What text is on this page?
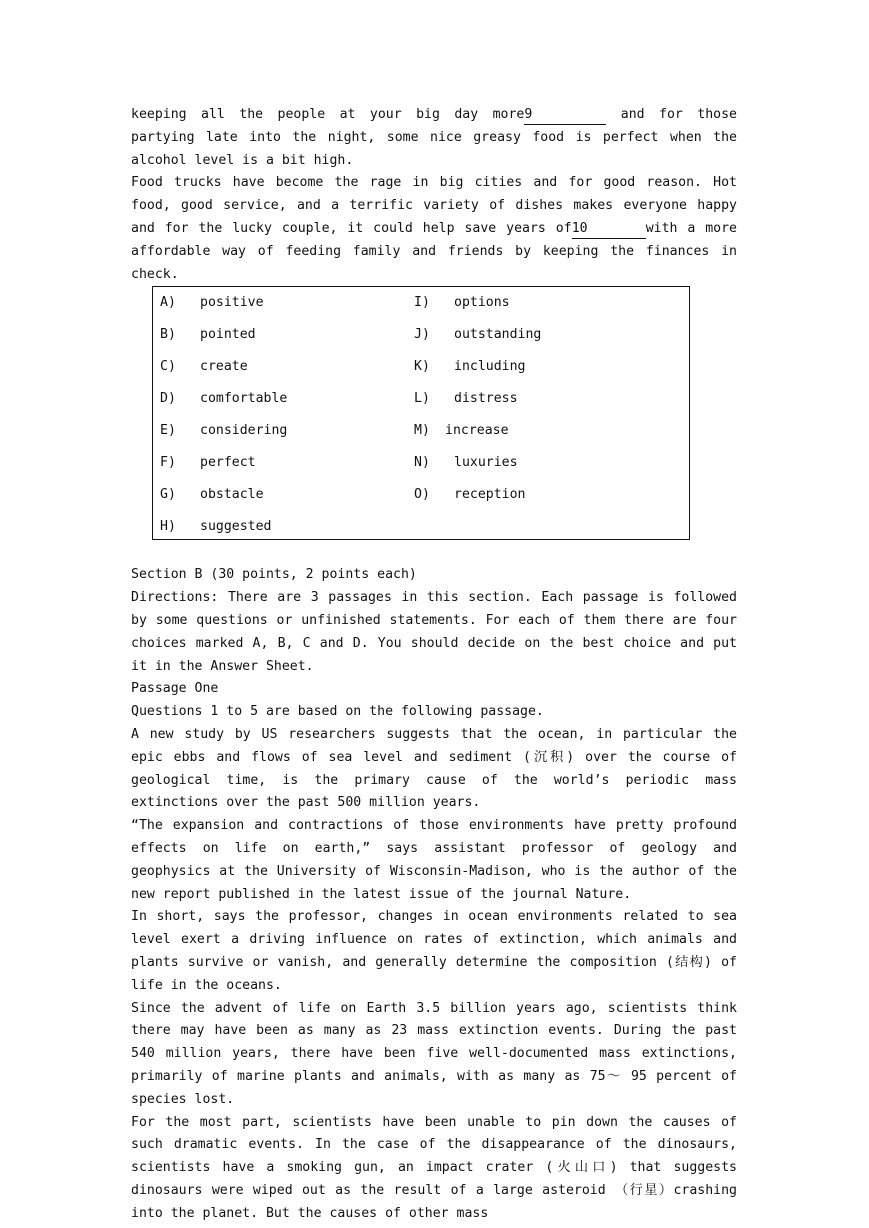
keeping all the people at your big day more9	and for those partying late into the night, some nice greasy food is perfect when the alcohol level is a bit high.

Food trucks have become the rage in big cities and for good reason. Hot food, good service, and a terrific variety of dishes makes everyone happy and for the lucky couple, it could help save years of10	with a more affordable way of feeding family and friends by keeping the finances in check.

A) positive
B) pointed
C) create
D) comfortable
E) considering
F) perfect
G) obstacle
H) suggested
I) options
J) outstanding
K) including
L) distress
M) increase
N) luxuries
O) reception

Section B (30 points, 2 points each)

Directions: There are 3 passages in this section. Each passage is followed by some questions or unfinished statements. For each of them there are four choices marked A, B, C and D. You should decide on the best choice and put it in the Answer Sheet.

Passage One

Questions 1 to 5 are based on the following passage.

A new study by US researchers suggests that the ocean, in particular the epic ebbs and flows of sea level and sediment (沉积) over the course of geological time, is the primary cause of the world’s periodic mass extinctions over the past 500 million years.

“The expansion and contractions of those environments have pretty profound effects on life on earth,” says assistant professor of geology and geophysics at the University of Wisconsin-Madison, who is the author of the new report published in the latest issue of the journal Nature.

In short, says the professor, changes in ocean environments related to sea level exert a driving influence on rates of extinction, which animals and plants survive or vanish, and generally determine the composition (结构) of life in the oceans.

Since the advent of life on Earth 3.5 billion years ago, scientists think there may have been as many as 23 mass extinction events. During the past 540 million years, there have been five well-documented mass extinctions, primarily of marine plants and animals, with as many as 75～ 95 percent of species lost.

For the most part, scientists have been unable to pin down the causes of such dramatic events. In the case of the disappearance of the dinosaurs, scientists have a smoking gun, an impact crater (火山口) that suggests dinosaurs were wiped out as the result of a large asteroid （行星）crashing into the planet. But the causes of other mass
